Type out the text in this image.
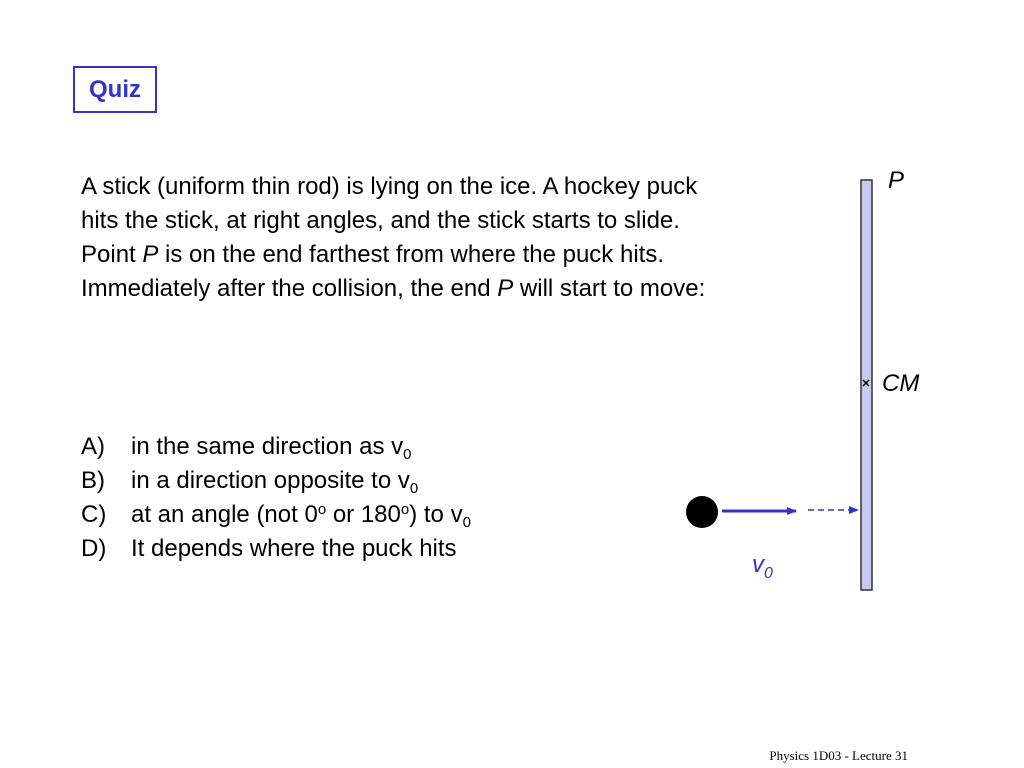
Quiz
A stick (uniform thin rod) is lying on the ice. A hockey puck hits the stick, at right angles, and the stick starts to slide. Point P is on the end farthest from where the puck hits. Immediately after the collision, the end P will start to move:
A)	in the same direction as $v_0$
B)	in a direction opposite to $v_0$
C)	at an angle (not 0$^o$ or 180$^o$) to $v_0$
D)	It depends where the puck hits
P
CM
$v_0$
Physics 1D03 - Lecture 31
